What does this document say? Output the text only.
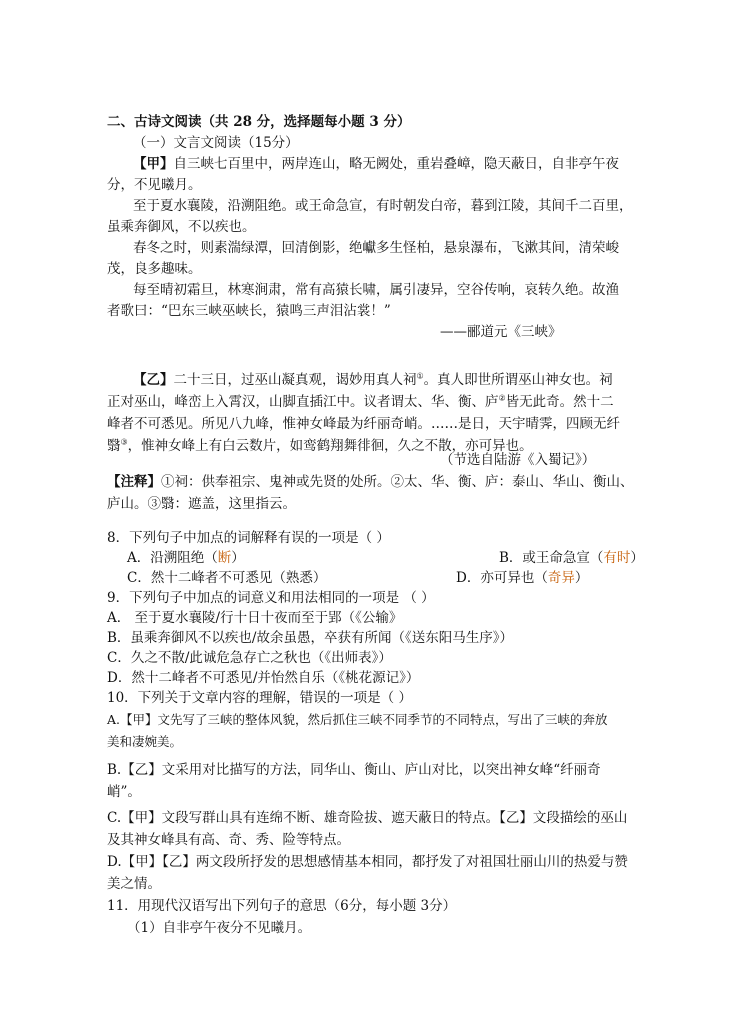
二、古诗文阅读（共 28 分，选择题每小题 3 分）
（一）文言文阅读（15分）
【甲】自三峡七百里中，两岸连山，略无阙处，重岩叠嶂，隐天蔽日，自非亭午夜
分，不见曦月。
至于夏水襄陵，沿溯阻绝。或王命急宣，有时朝发白帝，暮到江陵，其间千二百里，
虽乘奔御风，不以疾也。
春冬之时，则素湍绿潭，回清倒影，绝巘多生怪柏，悬泉瀑布，飞漱其间，清荣峻
茂，良多趣味。
每至晴初霜旦，林寒涧肃，常有高猿长啸，属引凄异，空谷传响，哀转久绝。故渔
者歌曰：“巴东三峡巫峡长，猿鸣三声泪沾裳！”
——郦道元《三峡》
【乙】二十三日，过巫山凝真观，谒妙用真人祠①。真人即世所谓巫山神女也。祠
正对巫山，峰峦上入霄汉，山脚直插江中。议者谓太、华、衡、庐②皆无此奇。然十二
峰者不可悉见。所见八九峰，惟神女峰最为纤丽奇峭。……是日，天宇晴霁，四顾无纤
翳③，惟神女峰上有白云数片，如鸾鹤翔舞徘徊，久之不散，亦可异也。
（节选自陆游《入蜀记》）
【注释】①祠：供奉祖宗、鬼神或先贤的处所。②太、华、衡、庐：泰山、华山、衡山、
庐山。③翳：遮盖，这里指云。
8．下列句子中加点的词解释有误的一项是（ ）
A．沿溯阻绝（断）	B．或王命急宣（有时）
C．然十二峰者不可悉见（熟悉）	D．亦可异也（奇异）
9．下列句子中加点的词意义和用法相同的一项是 （ ）
A． 至于夏水襄陵/行十日十夜而至于郢（《公输》
B．虽乘奔御风不以疾也/故余虽愚，卒获有所闻（《送东阳马生序》）
C．久之不散/此诚危急存亡之秋也（《出师表》）
D．然十二峰者不可悉见/并怡然自乐（《桃花源记》）
10．下列关于文章内容的理解，错误的一项是（ ）
A.【甲】文先写了三峡的整体风貌，然后抓住三峡不同季节的不同特点，写出了三峡的奔放
美和凄婉美。
B.【乙】文采用对比描写的方法，同华山、衡山、庐山对比，以突出神女峰“纤丽奇
峭”。
C.【甲】文段写群山具有连绵不断、雄奇险拔、遮天蔽日的特点。【乙】文段描绘的巫山
及其神女峰具有高、奇、秀、险等特点。
D.【甲】【乙】两文段所抒发的思想感情基本相同，都抒发了对祖国壮丽山川的热爱与赞
美之情。
11．用现代汉语写出下列句子的意思（6分，每小题 3分）
（1）自非亭午夜分不见曦月。
